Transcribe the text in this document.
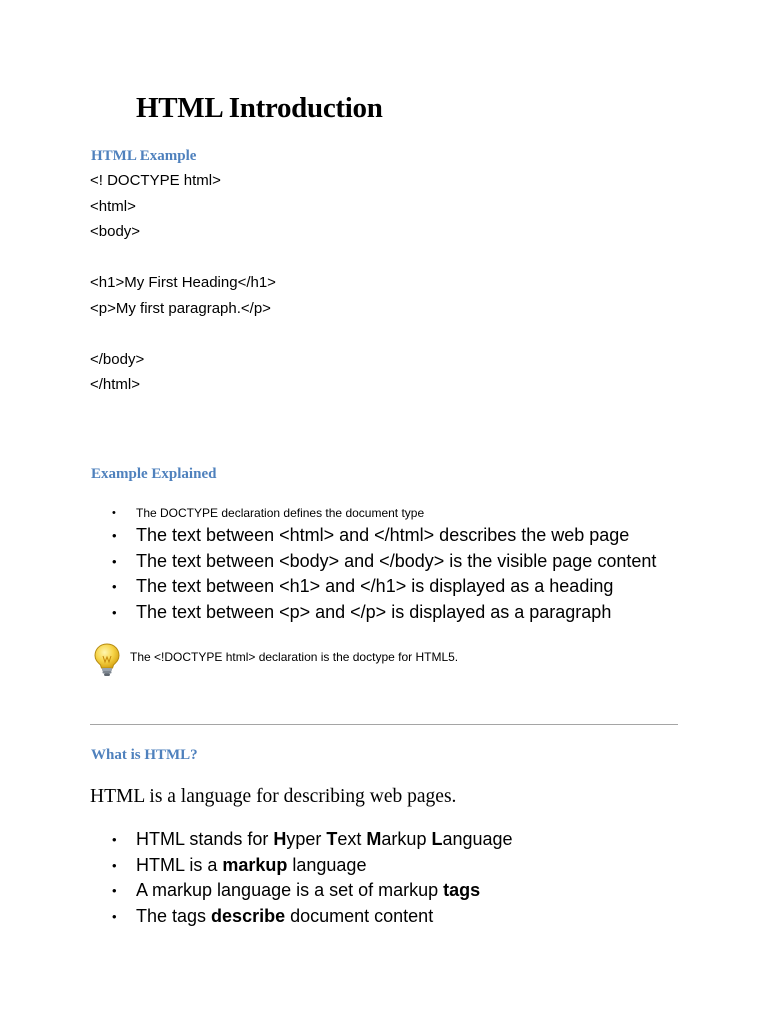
HTML Introduction
HTML Example
<! DOCTYPE html>
<html>
<body>
<h1>My First Heading</h1>
<p>My first paragraph.</p>
</body>
</html>
Example Explained
• The DOCTYPE declaration defines the document type
• The text between <html> and </html> describes the web page
• The text between <body> and </body> is the visible page content
• The text between <h1> and </h1> is displayed as a heading
• The text between <p> and </p> is displayed as a paragraph
The <!DOCTYPE html> declaration is the doctype for HTML5.
What is HTML?
HTML is a language for describing web pages.
• HTML stands for Hyper Text Markup Language
• HTML is a markup language
• A markup language is a set of markup tags
• The tags describe document content
